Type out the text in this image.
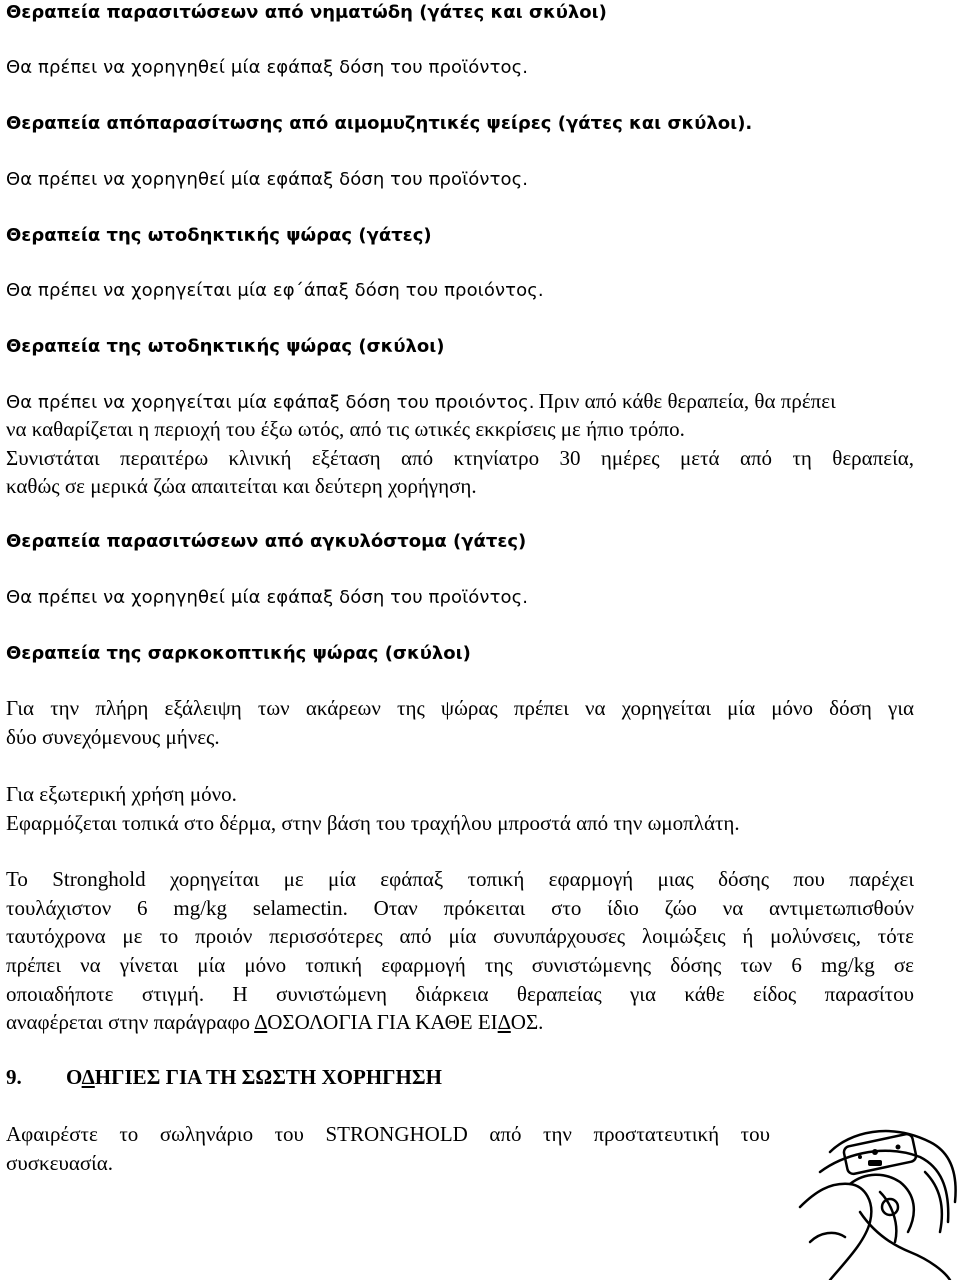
Θεραπεία παρασιτώσεων από νηματώδη (γάτες και σκύλοι)

Θα πρέπει να χορηγηθεί μία εφάπαξ δόση του προϊόντος.

Θεραπεία απόπαρασίτωσης από αιμομυζητικές ψείρες (γάτες και σκύλοι).

Θα πρέπει να χορηγηθεί μία εφάπαξ δόση του προϊόντος.

Θεραπεία της ωτοδηκτικής ψώρας (γάτες)

Θα πρέπει να χορηγείται μία εφ΄άπαξ δόση του προιόντος.

Θεραπεία της ωτοδηκτικής ψώρας (σκύλοι)

Θα πρέπει να χορηγείται μία εφάπαξ δόση του προιόντος. Πριν από κάθε θεραπεία, θα πρέπει

να καθαρίζεται η περιοχή του έξω ωτός, από τις ωτικές εκκρίσεις με ήπιο τρόπο.

Συνιστάται περαιτέρω κλινική εξέταση από κτηνίατρο 30 ημέρες μετά από τη θεραπεία,

καθώς σε μερικά ζώα απαιτείται και δεύτερη χορήγηση.

Θεραπεία παρασιτώσεων από αγκυλόστομα (γάτες)

Θα πρέπει να χορηγηθεί μία εφάπαξ δόση του προϊόντος.

Θεραπεία της σαρκοκοπτικής ψώρας (σκύλοι)

Για την πλήρη εξάλειψη των ακάρεων της ψώρας πρέπει να χορηγείται μία μόνο δόση για

δύο συνεχόμενους μήνες.

Για εξωτερική χρήση μόνο.

Εφαρμόζεται τοπικά στο δέρμα, στην βάση του τραχήλου μπροστά από την ωμοπλάτη.

Το Stronghold χορηγείται με μία εφάπαξ τοπική εφαρμογή μιας δόσης που παρέχει

τουλάχιστον 6 mg/kg selamectin. Οταν πρόκειται στο ίδιο ζώο να αντιμετωπισθούν

ταυτόχρονα με το προιόν περισσότερες από μία συνυπάρχουσες λοιμώξεις ή μολύνσεις, τότε

πρέπει να γίνεται μία μόνο τοπική εφαρμογή της συνιστώμενης δόσης των 6 mg/kg σε

οποιαδήποτε στιγμή. Η συνιστώμενη διάρκεια θεραπείας για κάθε είδος παρασίτου

αναφέρεται στην παράγραφο ΔΟΣΟΛΟΓΙΑ ΓΙΑ ΚΑΘΕ ΕΙΔΟΣ.

9. ΟΔΗΓΙΕΣ ΓΙΑ ΤΗ ΣΩΣΤΗ ΧΟΡΗΓΗΣΗ

Αφαιρέστε το σωληνάριο του STRONGHOLD από την προστατευτική του

συσκευασία.
